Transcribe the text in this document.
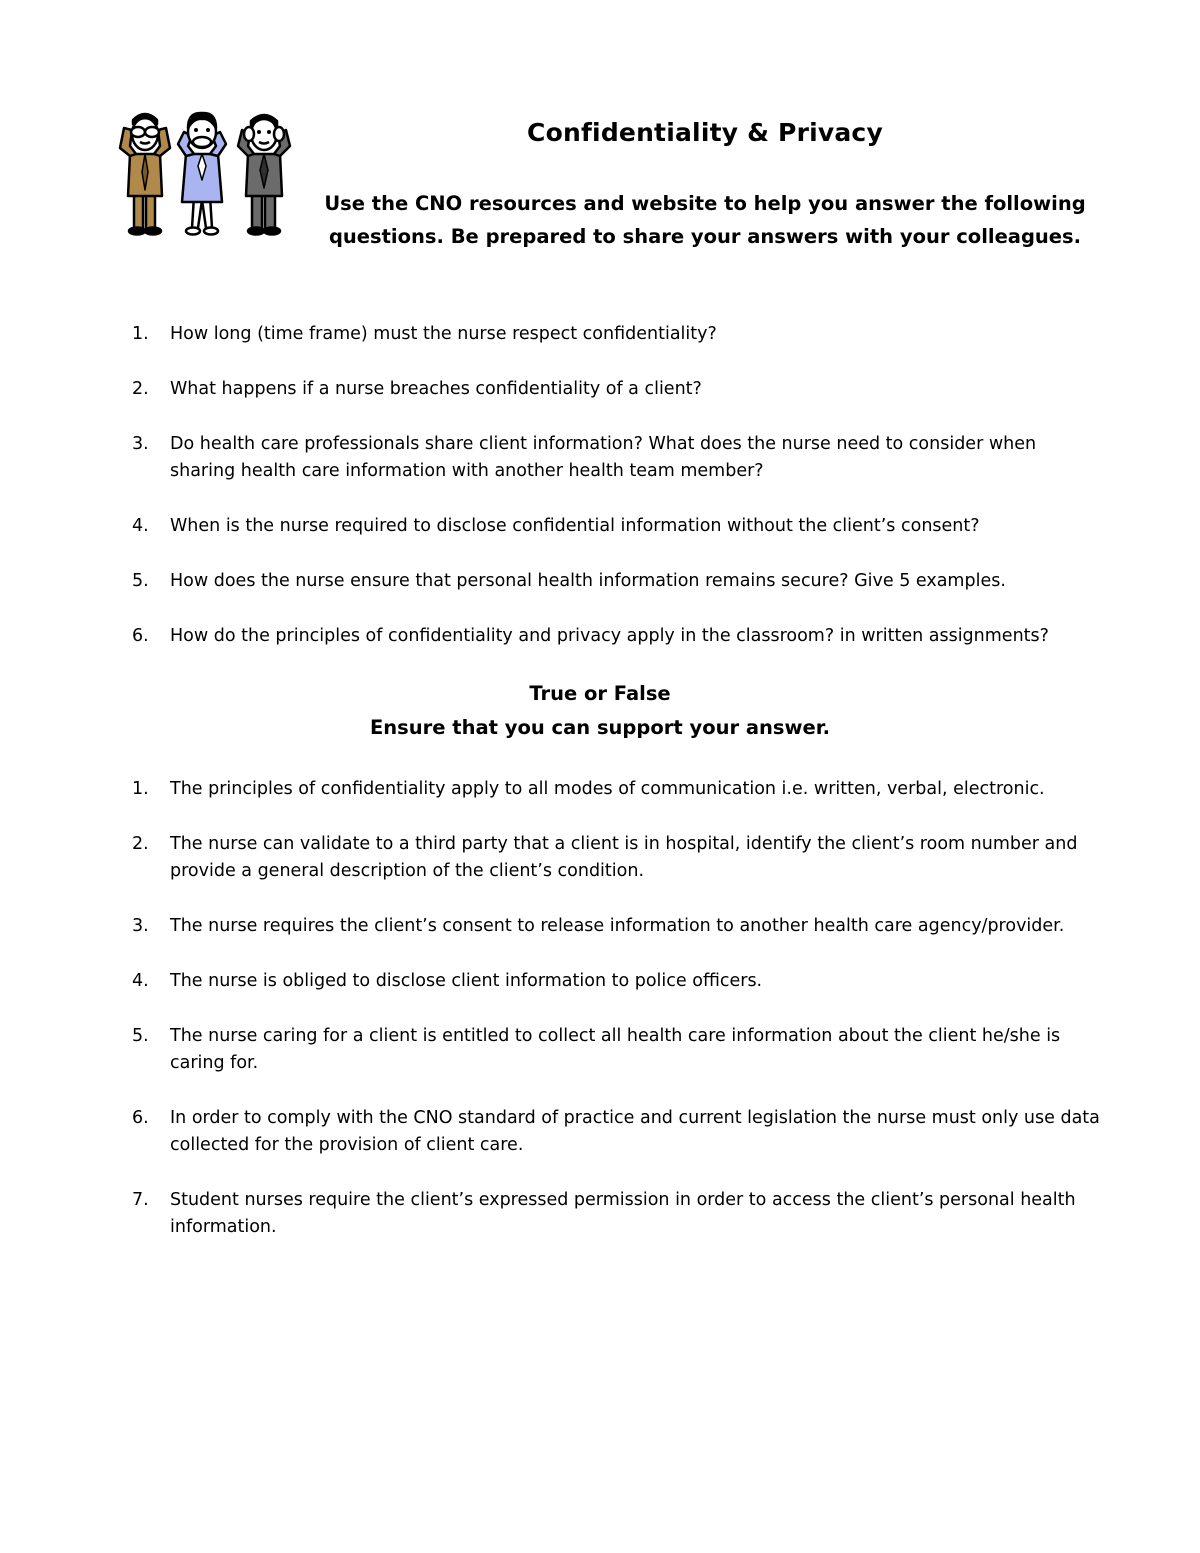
Confidentiality & Privacy

Use the CNO resources and website to help you answer the following questions. Be prepared to share your answers with your colleagues.

1. How long (time frame) must the nurse respect confidentiality?
2. What happens if a nurse breaches confidentiality of a client?
3. Do health care professionals share client information? What does the nurse need to consider when sharing health care information with another health team member?
4. When is the nurse required to disclose confidential information without the client’s consent?
5. How does the nurse ensure that personal health information remains secure? Give 5 examples.
6. How do the principles of confidentiality and privacy apply in the classroom? in written assignments?
True or False
Ensure that you can support your answer.
1. The principles of confidentiality apply to all modes of communication i.e. written, verbal, electronic.
2. The nurse can validate to a third party that a client is in hospital, identify the client’s room number and provide a general description of the client’s condition.
3. The nurse requires the client’s consent to release information to another health care agency/provider.
4. The nurse is obliged to disclose client information to police officers.
5. The nurse caring for a client is entitled to collect all health care information about the client he/she is caring for.
6. In order to comply with the CNO standard of practice and current legislation the nurse must only use data collected for the provision of client care.
7. Student nurses require the client’s expressed permission in order to access the client’s personal health information.
